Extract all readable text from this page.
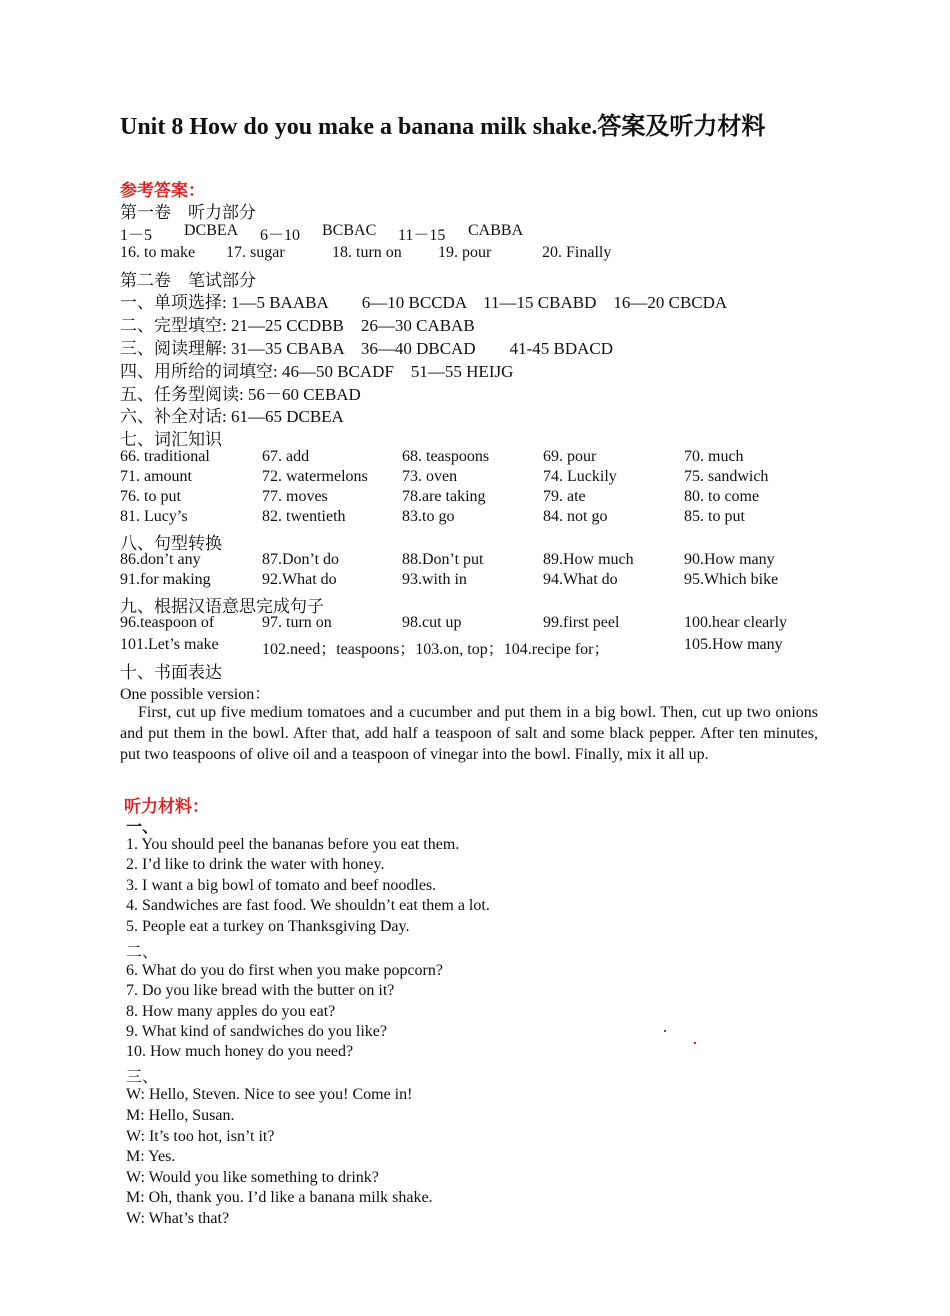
Unit 8 How do you make a banana milk shake.答案及听力材料
参考答案：
第一卷　听力部分
1－5 DCBEA 6－10 BCBAC 11－15 CABBA
16. to make 17. sugar	18. turn on 19. pour	20. Finally
第二卷　笔试部分
一、单项选择: 1—5 BAABA　　6—10 BCCDA　11—15 CBABD　16—20 CBCDA
二、完型填空: 21—25 CCDBB　26—30 CABAB
三、阅读理解: 31—35 CBABA　36—40 DBCAD　　41-45 BDACD
四、用所给的词填空: 46—50 BCADF　51—55 HEIJG
五、任务型阅读: 56－60 CEBAD
六、补全对话: 61—65 DCBEA
七、词汇知识
66. traditional	67. add	68. teaspoons	69. pour	70. much
71. amount	72. watermelons 73. oven	74. Luckily	75. sandwich
76. to put	77. moves	78.are taking	79. ate	80. to come
81. Lucy’s	82. twentieth	83.to go	84. not go	85. to put
八、句型转换
86.don’t any	87.Don’t do	88.Don’t put	89.How much	90.How many
91.for making	92.What do	93.with in	94.What do	95.Which bike
九、根据汉语意思完成句子
96.teaspoon of	97. turn on	98.cut up	99.first peel	100.hear clearly
101.Let’s make	102.need；teaspoons；103.on, top；104.recipe for；	105.How many
十、书面表达
One possible version：
First, cut up five medium tomatoes and a cucumber and put them in a big bowl. Then, cut up two onions and put them in the bowl. After that, add half a teaspoon of salt and some black pepper. After ten minutes, put two teaspoons of olive oil and a teaspoon of vinegar into the bowl. Finally, mix it all up.
听力材料：
一、
1. You should peel the bananas before you eat them.
2. I’d like to drink the water with honey.
3. I want a big bowl of tomato and beef noodles.
4. Sandwiches are fast food. We shouldn’t eat them a lot.
5. People eat a turkey on Thanksgiving Day.
二、
6. What do you do first when you make popcorn?
7. Do you like bread with the butter on it?
8. How many apples do you eat?
9. What kind of sandwiches do you like?
10. How much honey do you need?
三、
W: Hello, Steven. Nice to see you! Come in!
M: Hello, Susan.
W: It’s too hot, isn’t it?
M: Yes.
W: Would you like something to drink?
M: Oh, thank you. I’d like a banana milk shake.
W: What’s that?
